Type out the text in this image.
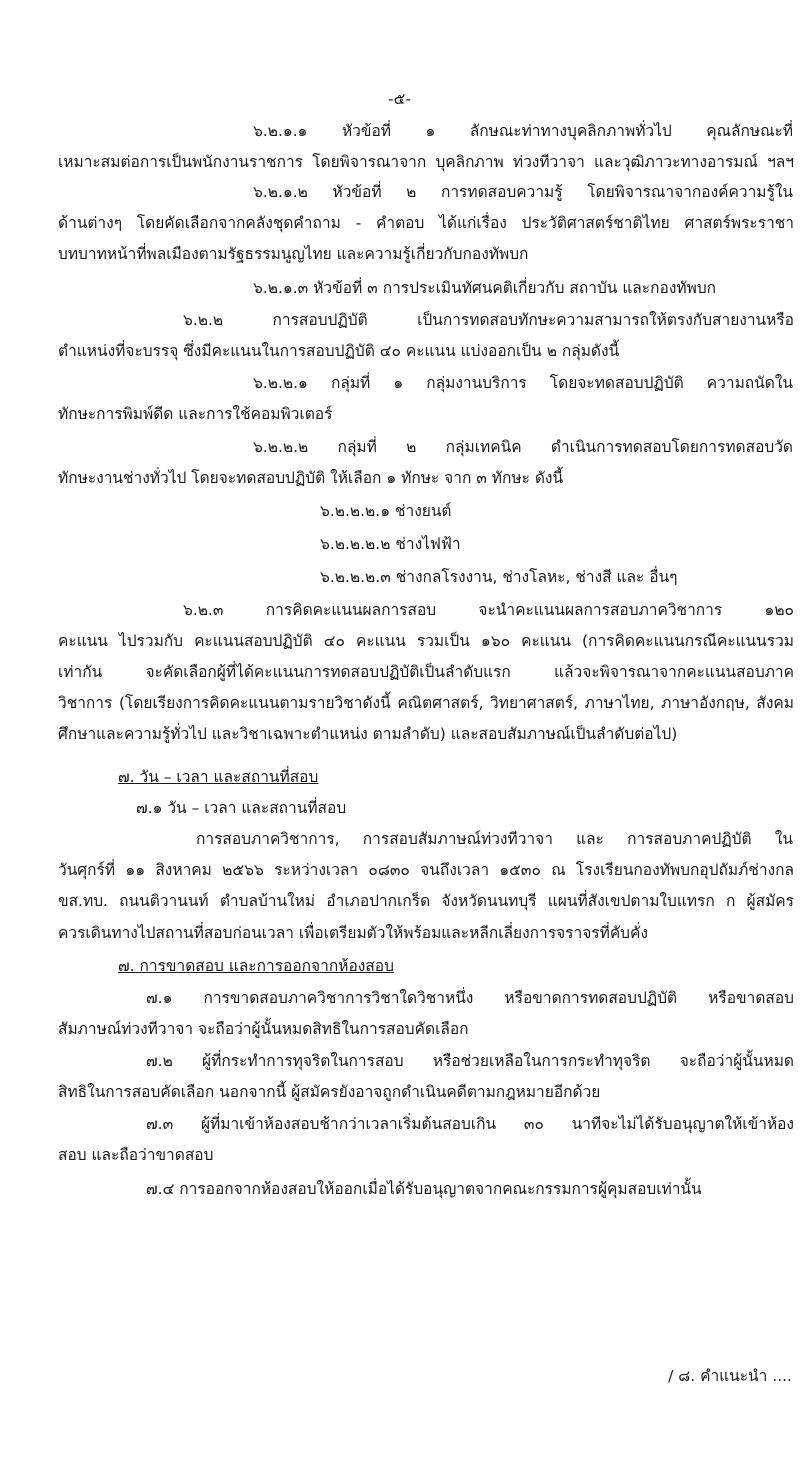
-๕-
๖.๒.๑.๑ หัวข้อที่ ๑ ลักษณะท่าทางบุคลิกภาพทั่วไป คุณลักษณะที่
เหมาะสมต่อการเป็นพนักงานราชการ โดยพิจารณาจาก บุคลิกภาพ ท่วงทีวาจา และวุฒิภาวะทางอารมณ์ ฯลฯ
๖.๒.๑.๒ หัวข้อที่ ๒ การทดสอบความรู้ โดยพิจารณาจากองค์ความรู้ใน
ด้านต่างๆ โดยคัดเลือกจากคลังชุดคำถาม - คำตอบ ได้แก่เรื่อง ประวัติศาสตร์ชาติไทย ศาสตร์พระราชา
บทบาทหน้าที่พลเมืองตามรัฐธรรมนูญไทย และความรู้เกี่ยวกับกองทัพบก
๖.๒.๑.๓ หัวข้อที่ ๓ การประเมินทัศนคติเกี่ยวกับ สถาบัน และกองทัพบก
๖.๒.๒ การสอบปฏิบัติ เป็นการทดสอบทักษะความสามารถให้ตรงกับสายงานหรือ
ตำแหน่งที่จะบรรจุ ซึ่งมีคะแนนในการสอบปฏิบัติ ๔๐ คะแนน แบ่งออกเป็น ๒ กลุ่มดังนี้
๖.๒.๒.๑ กลุ่มที่ ๑ กลุ่มงานบริการ โดยจะทดสอบปฏิบัติ ความถนัดใน
ทักษะการพิมพ์ดีด และการใช้คอมพิวเตอร์
๖.๒.๒.๒ กลุ่มที่ ๒ กลุ่มเทคนิค ดำเนินการทดสอบโดยการทดสอบวัด
ทักษะงานช่างทั่วไป โดยจะทดสอบปฏิบัติ ให้เลือก ๑ ทักษะ จาก ๓ ทักษะ ดังนี้
๖.๒.๒.๒.๑ ช่างยนต์
๖.๒.๒.๒.๒ ช่างไฟฟ้า
๖.๒.๒.๒.๓ ช่างกลโรงงาน, ช่างโลหะ, ช่างสี และ อื่นๆ
๖.๒.๓ การคิดคะแนนผลการสอบ จะนำคะแนนผลการสอบภาควิชาการ ๑๒๐
คะแนน ไปรวมกับ คะแนนสอบปฏิบัติ ๔๐ คะแนน รวมเป็น ๑๖๐ คะแนน (การคิดคะแนนกรณีคะแนนรวม
เท่ากัน จะคัดเลือกผู้ที่ได้คะแนนการทดสอบปฏิบัติเป็นลำดับแรก แล้วจะพิจารณาจากคะแนนสอบภาค
วิชาการ (โดยเรียงการคิดคะแนนตามรายวิชาดังนี้ คณิตศาสตร์, วิทยาศาสตร์, ภาษาไทย, ภาษาอังกฤษ, สังคม
ศึกษาและความรู้ทั่วไป และวิชาเฉพาะตำแหน่ง ตามลำดับ) และสอบสัมภาษณ์เป็นลำดับต่อไป)
๗. วัน – เวลา และสถานที่สอบ
๗.๑ วัน – เวลา และสถานที่สอบ
การสอบภาควิชาการ, การสอบสัมภาษณ์ท่วงทีวาจา และ การสอบภาคปฏิบัติ ใน
วันศุกร์ที่ ๑๑ สิงหาคม ๒๕๖๖ ระหว่างเวลา ๐๘๓๐ จนถึงเวลา ๑๕๓๐ ณ โรงเรียนกองทัพบกอุปถัมภ์ช่างกล
ขส.ทบ. ถนนติวานนท์ ตำบลบ้านใหม่ อำเภอปากเกร็ด จังหวัดนนทบุรี แผนที่สังเขปตามใบแทรก ก ผู้สมัคร
ควรเดินทางไปสถานที่สอบก่อนเวลา เพื่อเตรียมตัวให้พร้อมและหลีกเลี่ยงการจราจรที่คับคั่ง
๗. การขาดสอบ และการออกจากห้องสอบ
๗.๑ การขาดสอบภาควิชาการวิชาใดวิชาหนึ่ง หรือขาดการทดสอบปฏิบัติ หรือขาดสอบ
สัมภาษณ์ท่วงทีวาจา จะถือว่าผู้นั้นหมดสิทธิในการสอบคัดเลือก
๗.๒ ผู้ที่กระทำการทุจริตในการสอบ หรือช่วยเหลือในการกระทำทุจริต จะถือว่าผู้นั้นหมด
สิทธิในการสอบคัดเลือก นอกจากนี้ ผู้สมัครยังอาจถูกดำเนินคดีตามกฎหมายอีกด้วย
๗.๓ ผู้ที่มาเข้าห้องสอบช้ากว่าเวลาเริ่มต้นสอบเกิน ๓๐ นาทีจะไม่ได้รับอนุญาตให้เข้าห้อง
สอบ และถือว่าขาดสอบ
๗.๔ การออกจากห้องสอบให้ออกเมื่อได้รับอนุญาตจากคณะกรรมการผู้คุมสอบเท่านั้น
/ ๘. คำแนะนำ ....
